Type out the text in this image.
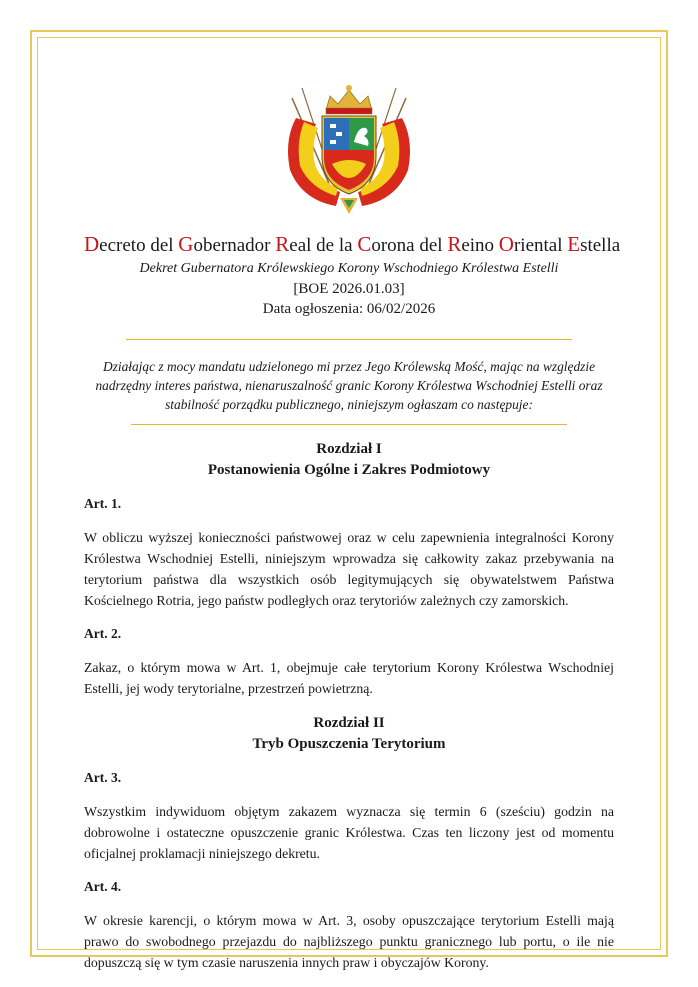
Decreto del Gobernador Real de la Corona del Reino Oriental Estella
Dekret Gubernatora Królewskiego Korony Wschodniego Królestwa Estelli
[BOE 2026.01.03]
Data ogłoszenia: 06/02/2026
Działając z mocy mandatu udzielonego mi przez Jego Królewską Mość, mając na względzie nadrzędny interes państwa, nienaruszalność granic Korony Królestwa Wschodniej Estelli oraz stabilność porządku publicznego, niniejszym ogłaszam co następuje:
Rozdział I
Postanowienia Ogólne i Zakres Podmiotowy
Art. 1.
W obliczu wyższej konieczności państwowej oraz w celu zapewnienia integralności Korony Królestwa Wschodniej Estelli, niniejszym wprowadza się całkowity zakaz przebywania na terytorium państwa dla wszystkich osób legitymujących się obywatelstwem Państwa Kościelnego Rotria, jego państw podległych oraz terytoriów zależnych czy zamorskich.
Art. 2.
Zakaz, o którym mowa w Art. 1, obejmuje całe terytorium Korony Królestwa Wschodniej Estelli, jej wody terytorialne, przestrzeń powietrzną.
Rozdział II
Tryb Opuszczenia Terytorium
Art. 3.
Wszystkim indywiduom objętym zakazem wyznacza się termin 6 (sześciu) godzin na dobrowolne i ostateczne opuszczenie granic Królestwa. Czas ten liczony jest od momentu oficjalnej proklamacji niniejszego dekretu.
Art. 4.
W okresie karencji, o którym mowa w Art. 3, osoby opuszczające terytorium Estelli mają prawo do swobodnego przejazdu do najbliższego punktu granicznego lub portu, o ile nie dopuszczą się w tym czasie naruszenia innych praw i obyczajów Korony.
